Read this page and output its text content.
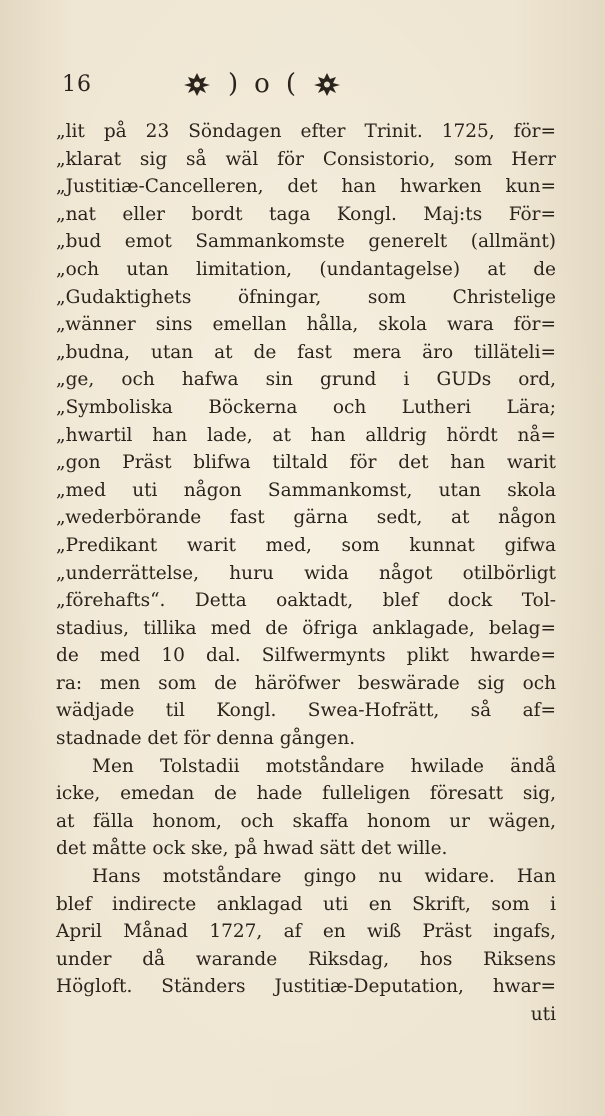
16	) o (
„lit på 23 Söndagen efter Trinit. 1725, för=
„klarat sig så wäl för Consistorio, som Herr
„Justitiæ-Cancelleren, det han hwarken kun=
„nat eller bordt taga Kongl. Maj:ts För=
„bud emot Sammankomste generelt (allmänt)
„och utan limitation, (undantagelse) at de
„Gudaktighets öfningar, som Christelige
„wänner sins emellan hålla, skola wara för=
„budna, utan at de fast mera äro tilläteli=
„ge, och hafwa sin grund i GUDs ord,
„Symboliska Böckerna och Lutheri Lära;
„hwartil han lade, at han alldrig hördt nå=
„gon Präst blifwa tiltald för det han warit
„med uti någon Sammankomst, utan skola
„wederbörande fast gärna sedt, at någon
„Predikant warit med, som kunnat gifwa
„underrättelse, huru wida något otilbörligt
„förehafts“. Detta oaktadt, blef dock Tol-
stadius, tillika med de öfriga anklagade, belag=
de med 10 dal. Silfwermynts plikt hwarde=
ra: men som de häröfwer beswärade sig och
wädjade til Kongl. Swea-Hofrätt, så af=
stadnade det för denna gången.
Men Tolstadii motståndare hwilade ändå
icke, emedan de hade fulleligen föresatt sig,
at fälla honom, och skaffa honom ur wägen,
det måtte ock ske, på hwad sätt det wille.
Hans motståndare gingo nu widare. Han
blef indirecte anklagad uti en Skrift, som i
April Månad 1727, af en wiß Präst ingafs,
under då warande Riksdag, hos Riksens
Högloft. Ständers Justitiæ-Deputation, hwar=
uti
